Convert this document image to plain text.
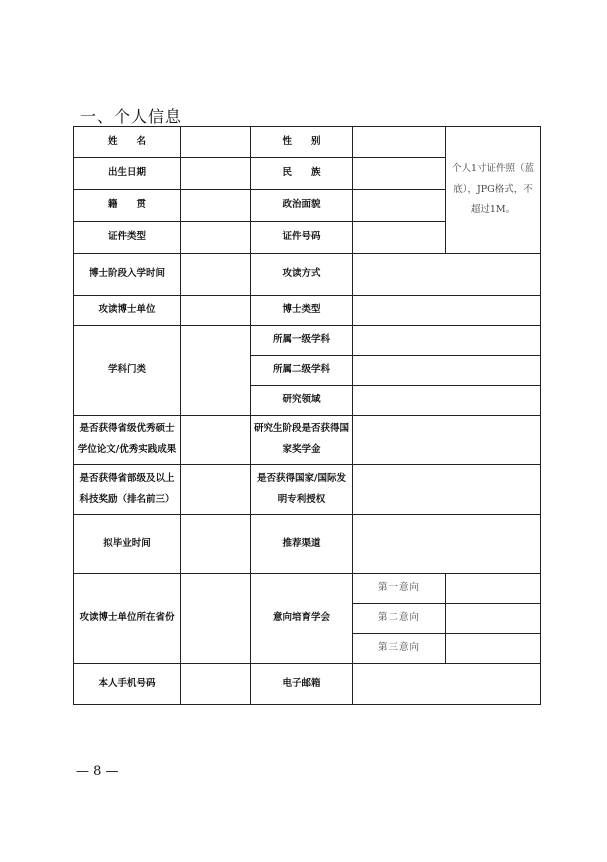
一、个人信息
姓　　名		性　　别		个人1寸证件照（蓝底），JPG格式，不超过1M。
出生日期		民　　族		
籍　　贯		政治面貌		
证件类型		证件号码		
博士阶段入学时间		攻读方式		
攻读博士单位		博士类型		
学科门类		所属一级学科		
		所属二级学科		
		研究领域		
是否获得省级优秀硕士学位论文/优秀实践成果		研究生阶段是否获得国家奖学金		
是否获得省部级及以上科技奖励（排名前三）		是否获得国家/国际发明专利授权		
拟毕业时间		推荐渠道		
攻读博士单位所在省份		意向培育学会	第一意向	
			第二意向	
			第三意向	
本人手机号码		电子邮箱		
— 8 —
